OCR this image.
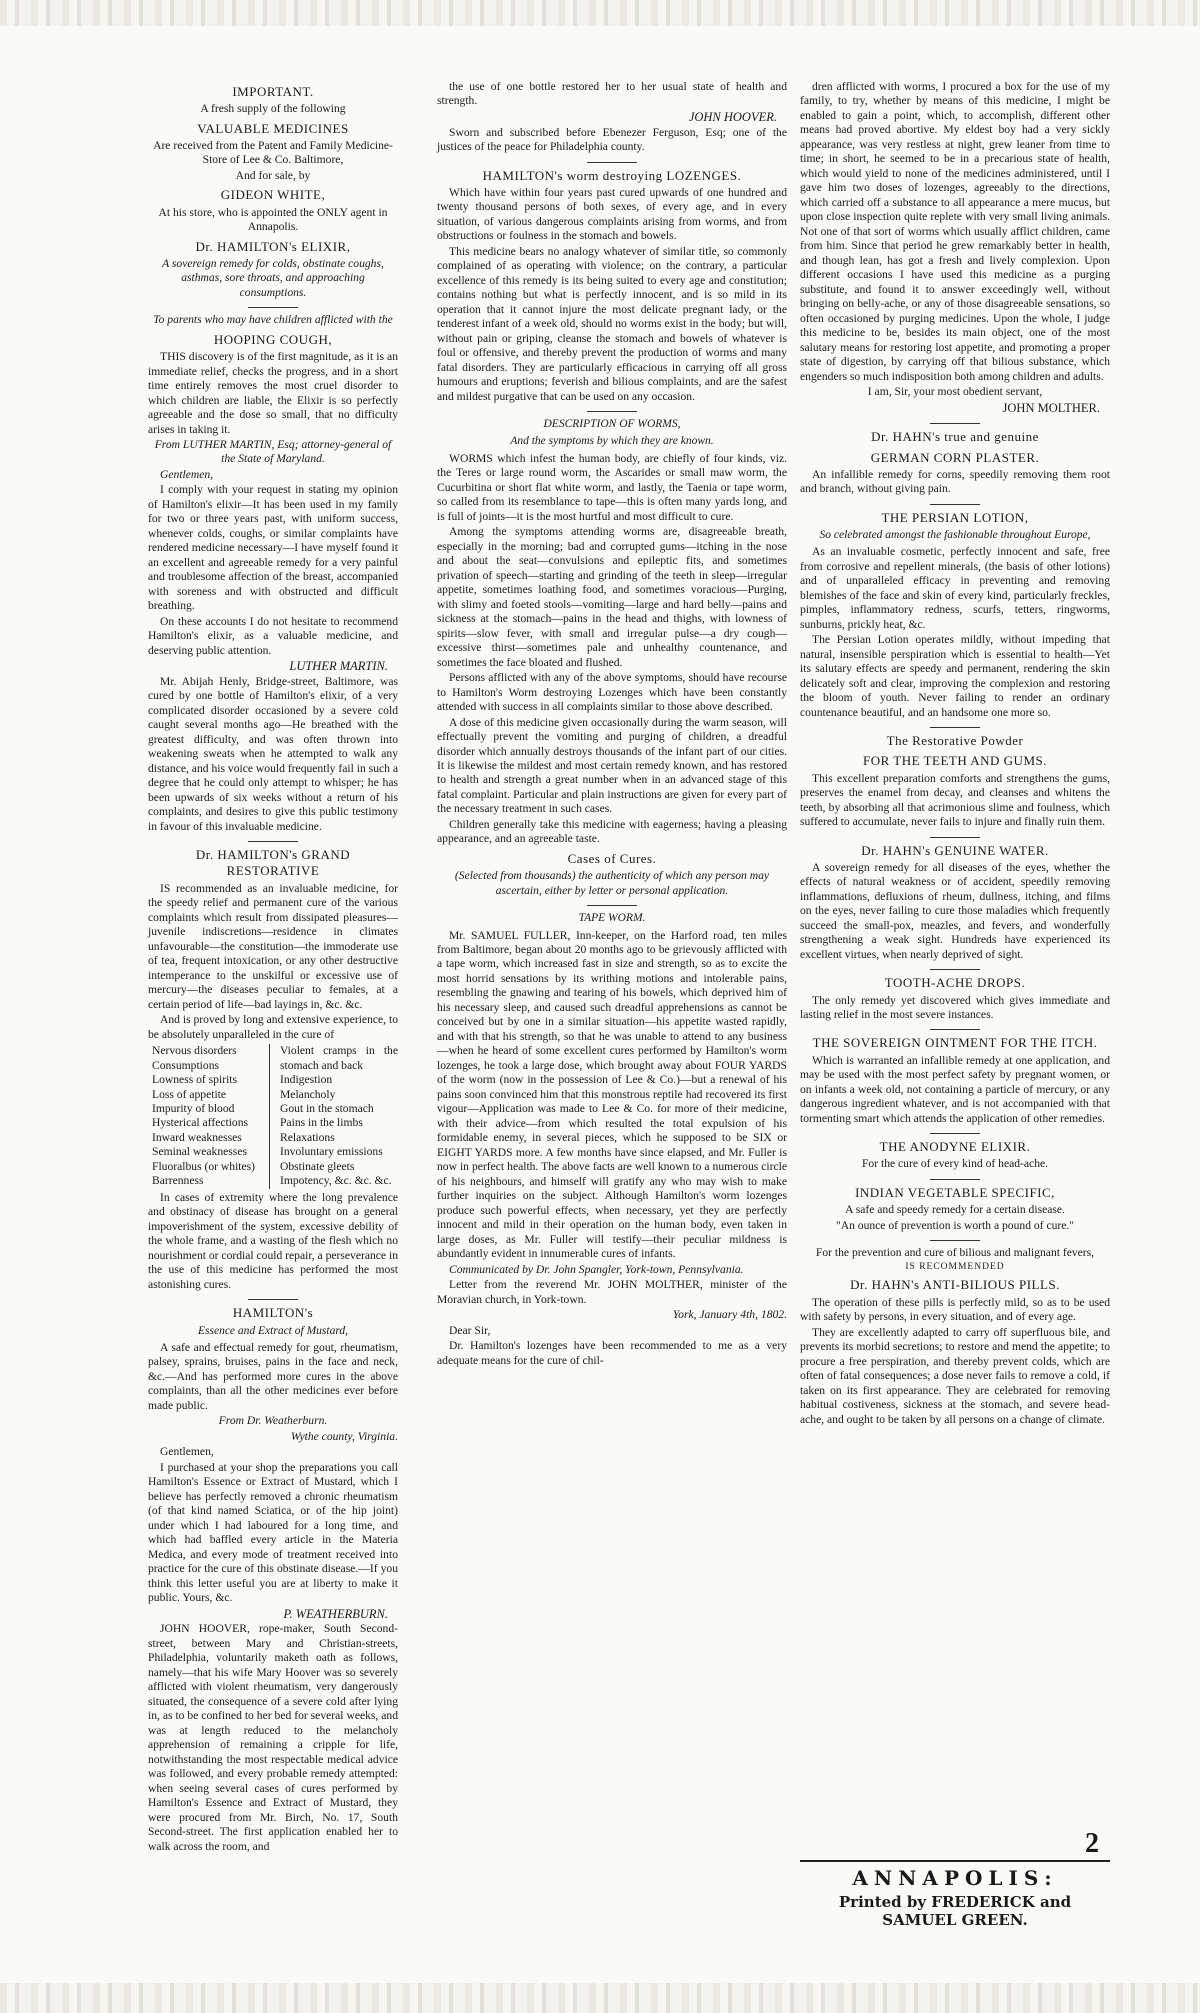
IMPORTANT.

A fresh supply of the following

VALUABLE MEDICINES

Are received from the Patent and Family Medicine-Store of Lee & Co. Baltimore,

And for sale, by

GIDEON WHITE,

At his store, who is appointed the ONLY agent in Annapolis.

Dr. HAMILTON's ELIXIR,

A sovereign remedy for colds, obstinate coughs, asthmas, sore throats, and approaching consumptions.

To parents who may have children afflicted with the

HOOPING COUGH,

THIS discovery is of the first magnitude, as it is an immediate relief, checks the progress, and in a short time entirely removes the most cruel disorder to which children are liable, the Elixir is so perfectly agreeable and the dose so small, that no difficulty arises in taking it.

From LUTHER MARTIN, Esq; attorney-general of the State of Maryland.

Gentlemen,

I comply with your request in stating my opinion of Hamilton's elixir—It has been used in my family for two or three years past, with uniform success, whenever colds, coughs, or similar complaints have rendered medicine necessary—I have myself found it an excellent and agreeable remedy for a very painful and troublesome affection of the breast, accompanied with soreness and with obstructed and difficult breathing.

On these accounts I do not hesitate to recommend Hamilton's elixir, as a valuable medicine, and deserving public attention.

LUTHER MARTIN.

Mr. Abijah Henly, Bridge-street, Baltimore, was cured by one bottle of Hamilton's elixir, of a very complicated disorder occasioned by a severe cold caught several months ago—He breathed with the greatest difficulty, and was often thrown into weakening sweats when he attempted to walk any distance, and his voice would frequently fail in such a degree that he could only attempt to whisper; he has been upwards of six weeks without a return of his complaints, and desires to give this public testimony in favour of this invaluable medicine.

Dr. HAMILTON's GRAND RESTORATIVE

IS recommended as an invaluable medicine, for the speedy relief and permanent cure of the various complaints which result from dissipated pleasures—juvenile indiscretions—residence in climates unfavourable—the constitution—the immoderate use of tea, frequent intoxication, or any other destructive intemperance to the unskilful or excessive use of mercury—the diseases peculiar to females, at a certain period of life—bad layings in, &c. &c.

And is proved by long and extensive experience, to be absolutely unparalleled in the cure of

Nervous disorders
Consumptions
Lowness of spirits
Loss of appetite
Impurity of blood
Hysterical affections
Inward weaknesses
Seminal weaknesses
Fluoralbus (or whites)
Barrenness
Violent cramps in the stomach and back
Indigestion
Melancholy
Gout in the stomach
Pains in the limbs
Relaxations
Involuntary emissions
Obstinate gleets
Impotency, &c. &c. &c.

In cases of extremity where the long prevalence and obstinacy of disease has brought on a general impoverishment of the system, excessive debility of the whole frame, and a wasting of the flesh which no nourishment or cordial could repair, a perseverance in the use of this medicine has performed the most astonishing cures.

HAMILTON's
Essence and Extract of Mustard,

A safe and effectual remedy for gout, rheumatism, palsey, sprains, bruises, pains in the face and neck, &c.—And has performed more cures in the above complaints, than all the other medicines ever before made public.

From Dr. Weatherburn.

Wythe county, Virginia.

Gentlemen,

I purchased at your shop the preparations you call Hamilton's Essence or Extract of Mustard, which I believe has perfectly removed a chronic rheumatism (of that kind named Sciatica, or of the hip joint) under which I had laboured for a long time, and which had baffled every article in the Materia Medica, and every mode of treatment received into practice for the cure of this obstinate disease.—If you think this letter useful you are at liberty to make it public. Yours, &c.

P. WEATHERBURN.

JOHN HOOVER, rope-maker, South Second-street, between Mary and Christian-streets, Philadelphia, voluntarily maketh oath as follows, namely—that his wife Mary Hoover was so severely afflicted with violent rheumatism, very dangerously situated, the consequence of a severe cold after lying in, as to be confined to her bed for several weeks, and was at length reduced to the melancholy apprehension of remaining a cripple for life, notwithstanding the most respectable medical advice was followed, and every probable remedy attempted: when seeing several cases of cures performed by Hamilton's Essence and Extract of Mustard, they were procured from Mr. Birch, No. 17, South Second-street. The first application enabled her to walk across the room, and

the use of one bottle restored her to her usual state of health and strength.

JOHN HOOVER.

Sworn and subscribed before Ebenezer Ferguson, Esq; one of the justices of the peace for Philadelphia county.

HAMILTON's worm destroying LOZENGES.

Which have within four years past cured upwards of one hundred and twenty thousand persons of both sexes, of every age, and in every situation, of various dangerous complaints arising from worms, and from obstructions or foulness in the stomach and bowels.

This medicine bears no analogy whatever of similar title, so commonly complained of as operating with violence; on the contrary, a particular excellence of this remedy is its being suited to every age and constitution; contains nothing but what is perfectly innocent, and is so mild in its operation that it cannot injure the most delicate pregnant lady, or the tenderest infant of a week old, should no worms exist in the body; but will, without pain or griping, cleanse the stomach and bowels of whatever is foul or offensive, and thereby prevent the production of worms and many fatal disorders. They are particularly efficacious in carrying off all gross humours and eruptions; feverish and bilious complaints, and are the safest and mildest purgative that can be used on any occasion.

DESCRIPTION OF WORMS,
And the symptoms by which they are known.

WORMS which infest the human body, are chiefly of four kinds, viz. the Teres or large round worm, the Ascarides or small maw worm, the Cucurbitina or short flat white worm, and lastly, the Taenia or tape worm, so called from its resemblance to tape—this is often many yards long, and is full of joints—it is the most hurtful and most difficult to cure.

Among the symptoms attending worms are, disagreeable breath, especially in the morning; bad and corrupted gums—itching in the nose and about the seat—convulsions and epileptic fits, and sometimes privation of speech—starting and grinding of the teeth in sleep—irregular appetite, sometimes loathing food, and sometimes voracious—Purging, with slimy and foeted stools—vomiting—large and hard belly—pains and sickness at the stomach—pains in the head and thighs, with lowness of spirits—slow fever, with small and irregular pulse—a dry cough—excessive thirst—sometimes pale and unhealthy countenance, and sometimes the face bloated and flushed.

Persons afflicted with any of the above symptoms, should have recourse to Hamilton's Worm destroying Lozenges which have been constantly attended with success in all complaints similar to those above described.

A dose of this medicine given occasionally during the warm season, will effectually prevent the vomiting and purging of children, a dreadful disorder which annually destroys thousands of the infant part of our cities. It is likewise the mildest and most certain remedy known, and has restored to health and strength a great number when in an advanced stage of this fatal complaint. Particular and plain instructions are given for every part of the necessary treatment in such cases.

Children generally take this medicine with eagerness; having a pleasing appearance, and an agreeable taste.

Cases of Cures.

(Selected from thousands) the authenticity of which any person may ascertain, either by letter or personal application.

TAPE WORM.

Mr. SAMUEL FULLER, Inn-keeper, on the Harford road, ten miles from Baltimore, began about 20 months ago to be grievously afflicted with a tape worm, which increased fast in size and strength, so as to excite the most horrid sensations by its writhing motions and intolerable pains, resembling the gnawing and tearing of his bowels, which deprived him of his necessary sleep, and caused such dreadful apprehensions as cannot be conceived but by one in a similar situation—his appetite wasted rapidly, and with that his strength, so that he was unable to attend to any business—when he heard of some excellent cures performed by Hamilton's worm lozenges, he took a large dose, which brought away about FOUR YARDS of the worm (now in the possession of Lee & Co.)—but a renewal of his pains soon convinced him that this monstrous reptile had recovered its first vigour—Application was made to Lee & Co. for more of their medicine, with their advice—from which resulted the total expulsion of his formidable enemy, in several pieces, which he supposed to be SIX or EIGHT YARDS more. A few months have since elapsed, and Mr. Fuller is now in perfect health. The above facts are well known to a numerous circle of his neighbours, and himself will gratify any who may wish to make further inquiries on the subject. Although Hamilton's worm lozenges produce such powerful effects, when necessary, yet they are perfectly innocent and mild in their operation on the human body, even taken in large doses, as Mr. Fuller will testify—their peculiar mildness is abundantly evident in innumerable cures of infants.

Communicated by Dr. John Spangler, York-town, Pennsylvania.

Letter from the reverend Mr. JOHN MOLTHER, minister of the Moravian church, in York-town.

York, January 4th, 1802.

Dear Sir,

Dr. Hamilton's lozenges have been recommended to me as a very adequate means for the cure of chil-

dren afflicted with worms, I procured a box for the use of my family, to try, whether by means of this medicine, I might be enabled to gain a point, which, to accomplish, different other means had proved abortive. My eldest boy had a very sickly appearance, was very restless at night, grew leaner from time to time; in short, he seemed to be in a precarious state of health, which would yield to none of the medicines administered, until I gave him two doses of lozenges, agreeably to the directions, which carried off a substance to all appearance a mere mucus, but upon close inspection quite replete with very small living animals. Not one of that sort of worms which usually afflict children, came from him. Since that period he grew remarkably better in health, and though lean, has got a fresh and lively complexion. Upon different occasions I have used this medicine as a purging substitute, and found it to answer exceedingly well, without bringing on belly-ache, or any of those disagreeable sensations, so often occasioned by purging medicines. Upon the whole, I judge this medicine to be, besides its main object, one of the most salutary means for restoring lost appetite, and promoting a proper state of digestion, by carrying off that bilious substance, which engenders so much indisposition both among children and adults.

I am, Sir, your most obedient servant,

JOHN MOLTHER.
Dr. HAHN's true and genuine
GERMAN CORN PLASTER.

An infallible remedy for corns, speedily removing them root and branch, without giving pain.

THE PERSIAN LOTION,
So celebrated amongst the fashionable throughout Europe,

As an invaluable cosmetic, perfectly innocent and safe, free from corrosive and repellent minerals, (the basis of other lotions) and of unparalleled efficacy in preventing and removing blemishes of the face and skin of every kind, particularly freckles, pimples, inflammatory redness, scurfs, tetters, ringworms, sunburns, prickly heat, &c.

The Persian Lotion operates mildly, without impeding that natural, insensible perspiration which is essential to health—Yet its salutary effects are speedy and permanent, rendering the skin delicately soft and clear, improving the complexion and restoring the bloom of youth. Never failing to render an ordinary countenance beautiful, and an handsome one more so.

The Restorative Powder
FOR THE TEETH AND GUMS.

This excellent preparation comforts and strengthens the gums, preserves the enamel from decay, and cleanses and whitens the teeth, by absorbing all that acrimonious slime and foulness, which suffered to accumulate, never fails to injure and finally ruin them.

Dr. HAHN's GENUINE WATER.

A sovereign remedy for all diseases of the eyes, whether the effects of natural weakness or of accident, speedily removing inflammations, defluxions of rheum, dullness, itching, and films on the eyes, never failing to cure those maladies which frequently succeed the small-pox, meazles, and fevers, and wonderfully strengthening a weak sight. Hundreds have experienced its excellent virtues, when nearly deprived of sight.

TOOTH-ACHE DROPS.

The only remedy yet discovered which gives immediate and lasting relief in the most severe instances.

THE SOVEREIGN OINTMENT FOR THE ITCH.

Which is warranted an infallible remedy at one application, and may be used with the most perfect safety by pregnant women, or on infants a week old, not containing a particle of mercury, or any dangerous ingredient whatever, and is not accompanied with that tormenting smart which attends the application of other remedies.

THE ANODYNE ELIXIR.

For the cure of every kind of head-ache.

INDIAN VEGETABLE SPECIFIC,

A safe and speedy remedy for a certain disease.

"An ounce of prevention is worth a pound of cure."

For the prevention and cure of bilious and malignant fevers,

IS RECOMMENDED

Dr. HAHN's ANTI-BILIOUS PILLS.

The operation of these pills is perfectly mild, so as to be used with safety by persons, in every situation, and of every age.

They are excellently adapted to carry off superfluous bile, and prevents its morbid secretions; to restore and mend the appetite; to procure a free perspiration, and thereby prevent colds, which are often of fatal consequences; a dose never fails to remove a cold, if taken on its first appearance. They are celebrated for removing habitual costiveness, sickness at the stomach, and severe head-ache, and ought to be taken by all persons on a change of climate.

2
ANNAPOLIS:
Printed by FREDERICK and SAMUEL GREEN.
